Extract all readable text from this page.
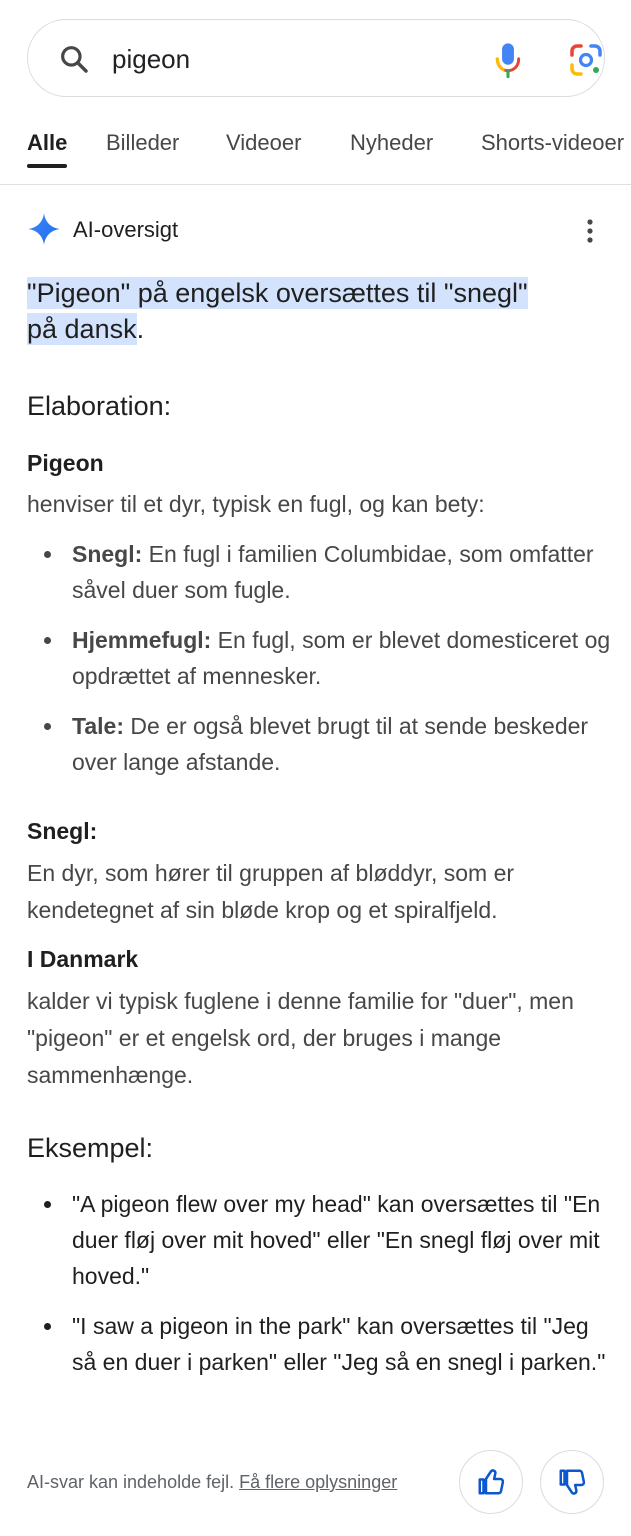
pigeon
Alle Billeder Videoer Nyheder Shorts-videoer
AI-oversigt
"Pigeon" på engelsk oversættes til "snegl"
på dansk.
Elaboration:
Pigeon
henviser til et dyr, typisk en fugl, og kan bety:
Snegl: En fugl i familien Columbidae, som omfatter såvel duer som fugle.
Hjemmefugl: En fugl, som er blevet domesticeret og opdrættet af mennesker.
Tale: De er også blevet brugt til at sende beskeder over lange afstande.
Snegl:
En dyr, som hører til gruppen af bløddyr, som er kendetegnet af sin bløde krop og et spiralfjeld.
I Danmark
kalder vi typisk fuglene i denne familie for "duer", men "pigeon" er et engelsk ord, der bruges i mange sammenhænge.
Eksempel:
"A pigeon flew over my head" kan oversættes til "En duer fløj over mit hoved" eller "En snegl fløj over mit hoved."
"I saw a pigeon in the park" kan oversættes til "Jeg så en duer i parken" eller "Jeg så en snegl i parken."
AI-svar kan indeholde fejl. Få flere oplysninger
